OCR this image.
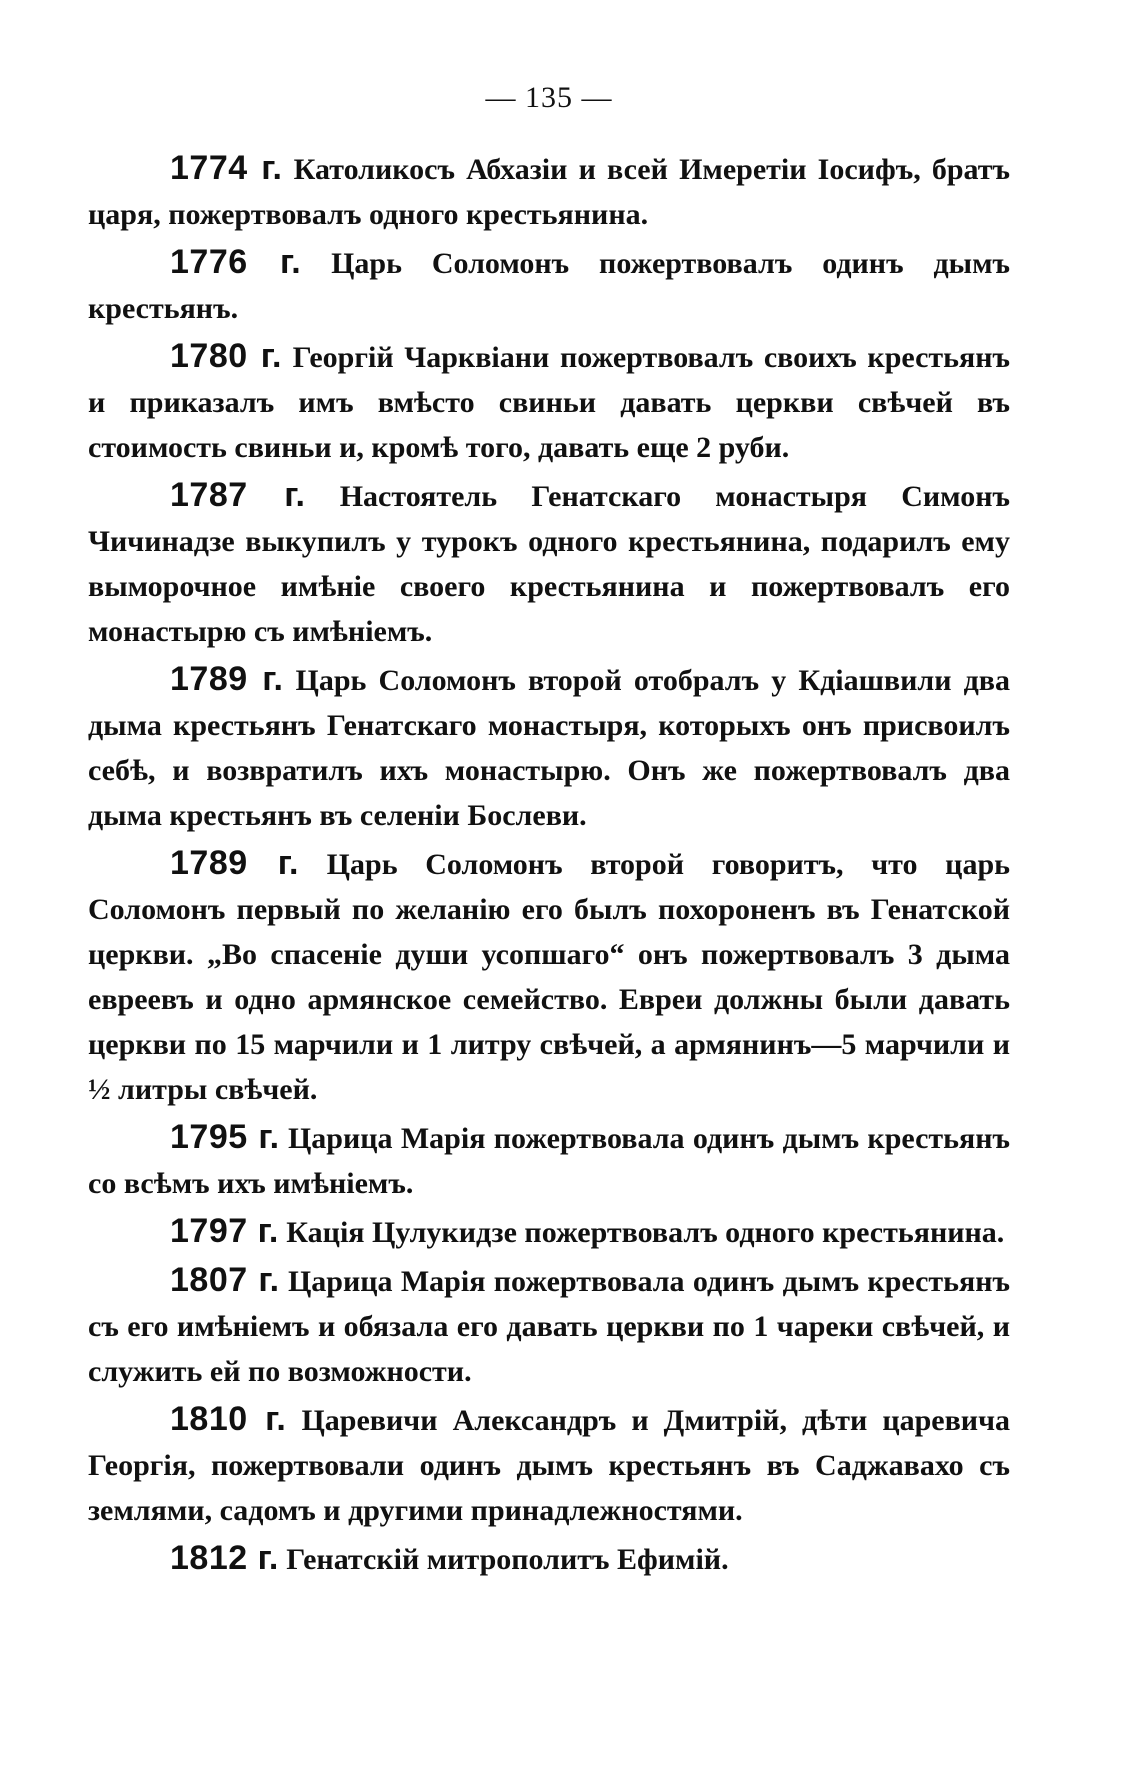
— 135 —

1774 г. Католикосъ Абхазіи и всей Имеретіи Іосифъ, братъ царя, пожертвовалъ одного крестьянина.

1776 г. Царь Соломонъ пожертвовалъ одинъ дымъ крестьянъ.

1780 г. Георгій Чарквіани пожертвовалъ своихъ крестьянъ и приказалъ имъ вмѣсто свиньи давать церкви свѣчей въ стоимость свиньи и, кромѣ того, давать еще 2 руби.

1787 г. Настоятель Генатскаго монастыря Симонъ Чичинадзе выкупилъ у турокъ одного крестьянина, подарилъ ему выморочное имѣніе своего крестьянина и пожертвовалъ его монастырю съ имѣніемъ.

1789 г. Царь Соломонъ второй отобралъ у Кдіашвили два дыма крестьянъ Генатскаго монастыря, которыхъ онъ присвоилъ себѣ, и возвратилъ ихъ монастырю. Онъ же пожертвовалъ два дыма крестьянъ въ селеніи Бослеви.

1789 г. Царь Соломонъ второй говоритъ, что царь Соломонъ первый по желанію его былъ похороненъ въ Генатской церкви. „Во спасеніе души усопшаго“ онъ пожертвовалъ 3 дыма евреевъ и одно армянское семейство. Евреи должны были давать церкви по 15 марчили и 1 литру свѣчей, а армянинъ—5 марчили и ½ литры свѣчей.

1795 г. Царица Марія пожертвовала одинъ дымъ крестьянъ со всѣмъ ихъ имѣніемъ.

1797 г. Кація Цулукидзе пожертвовалъ одного крестьянина.

1807 г. Царица Марія пожертвовала одинъ дымъ крестьянъ съ его имѣніемъ и обязала его давать церкви по 1 чареки свѣчей, и служить ей по возможности.

1810 г. Царевичи Александръ и Дмитрій, дѣти царевича Георгія, пожертвовали одинъ дымъ крестьянъ въ Саджавахо съ землями, садомъ и другими принадлежностями.

1812 г. Генатскій митрополитъ Ефимій.
